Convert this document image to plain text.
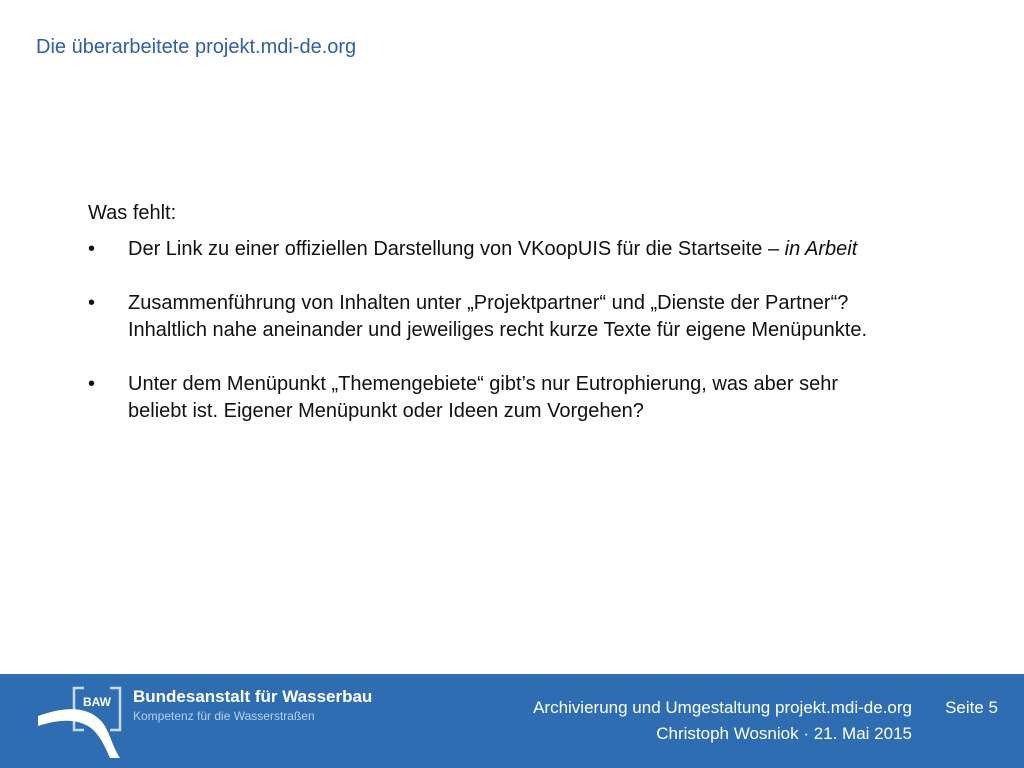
Die überarbeitete projekt.mdi-de.org

Was fehlt:

• Der Link zu einer offiziellen Darstellung von VKoopUIS für die Startseite – in Arbeit
• Zusammenführung von Inhalten unter „Projektpartner“ und „Dienste der Partner“?
Inhaltlich nahe aneinander und jeweiliges recht kurze Texte für eigene Menüpunkte.
• Unter dem Menüpunkt „Themengebiete“ gibt’s nur Eutrophierung, was aber sehr
beliebt ist. Eigener Menüpunkt oder Ideen zum Vorgehen?
BAW Bundesanstalt für Wasserbau
Kompetenz für die Wasserstraßen	Archivierung und Umgestaltung projekt.mdi-de.org Seite 5
Christoph Wosniok · 21. Mai 2015
